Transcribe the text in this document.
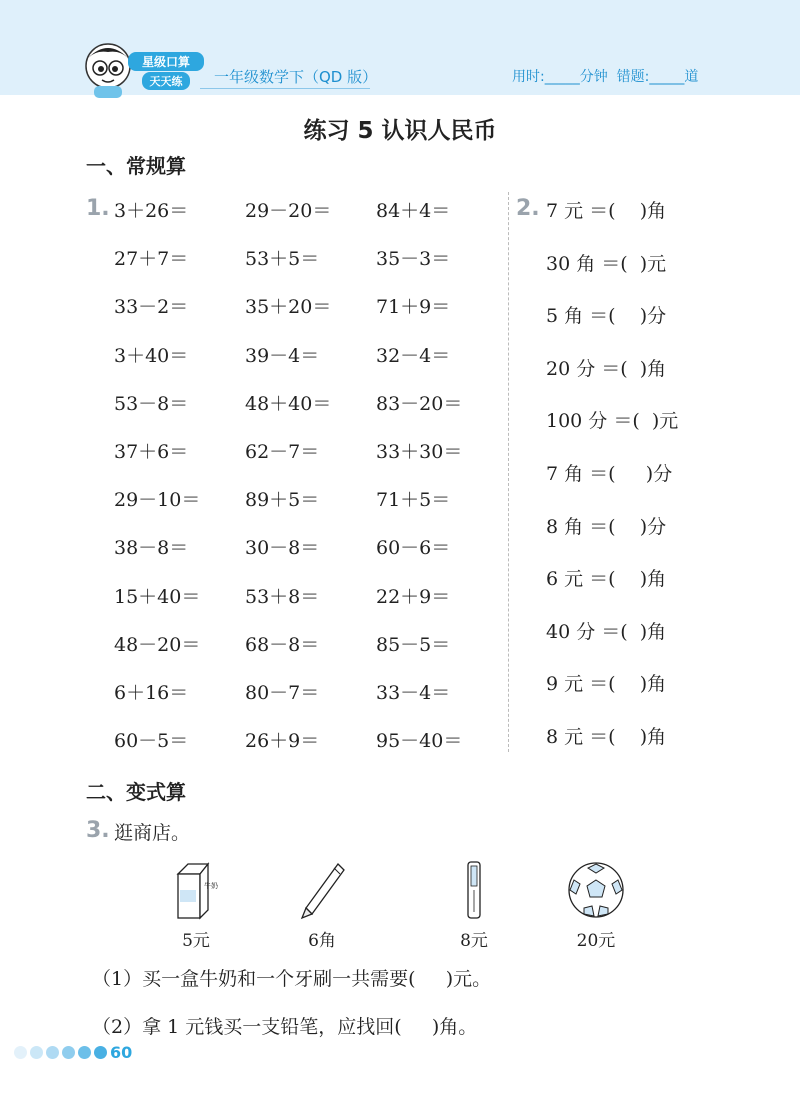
星级口算
天天练	一年级数学下（QD 版）	用时:_____分钟  错题:_____道
练习 5 认识人民币
一、常规算
1. 3＋26＝	29－20＝ 84＋4＝
27＋7＝	53＋5＝	35－3＝
33－2＝	35＋20＝ 71＋9＝
3＋40＝	39－4＝	32－4＝
53－8＝	48＋40＝ 83－20＝
37＋6＝	62－7＝	33＋30＝
29－10＝ 89＋5＝	71＋5＝
38－8＝	30－8＝	60－6＝
15＋40＝ 53＋8＝	22＋9＝
48－20＝ 68－8＝	85－5＝
6＋16＝	80－7＝	33－4＝
60－5＝	26＋9＝	95－40＝
2. 7 元 ＝(    )角
30 角 ＝(  )元
5 角 ＝(    )分
20 分 ＝(  )角
100 分 ＝(  )元
7 角 ＝(     )分
8 角 ＝(    )分
6 元 ＝(    )角
40 分 ＝(  )角
9 元 ＝(    )角
8 元 ＝(    )角
二、变式算
3. 逛商店。
牛奶
5元	6角	8元	20元
（1）买一盒牛奶和一个牙刷一共需要(     )元。
（2）拿 1 元钱买一支铅笔，应找回(     )角。
60
